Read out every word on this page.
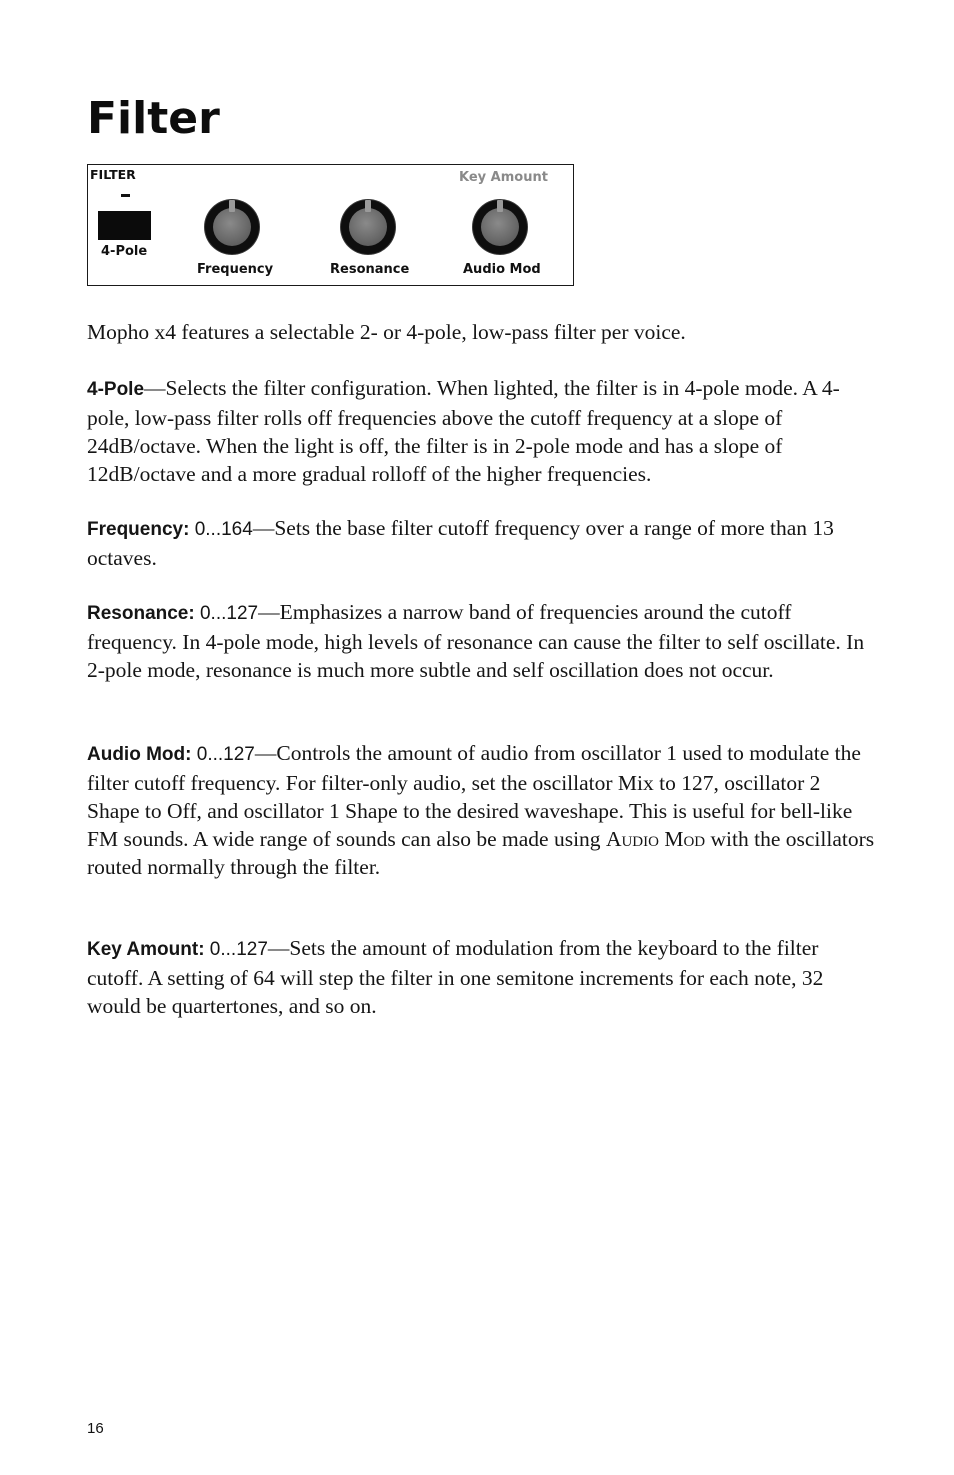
Filter
FILTER
4-Pole
Frequency	Resonance
Key Amount
Audio Mod

Mopho x4 features a selectable 2- or 4-pole, low-pass filter per voice.

4-Pole—Selects the filter configuration. When lighted, the filter is in 4-pole mode. A 4-pole, low-pass filter rolls off frequencies above the cutoff frequency at a slope of 24dB/octave. When the light is off, the filter is in 2-pole mode and has a slope of 12dB/octave and a more gradual rolloff of the higher frequencies.

Frequency: 0...164—Sets the base filter cutoff frequency over a range of more than 13 octaves.

Resonance: 0...127—Emphasizes a narrow band of frequencies around the cutoff frequency. In 4-pole mode, high levels of resonance can cause the filter to self oscillate. In 2-pole mode, resonance is much more subtle and self oscillation does not occur.

Audio Mod: 0...127—Controls the amount of audio from oscillator 1 used to modulate the filter cutoff frequency. For filter-only audio, set the oscillator Mix to 127, oscillator 2 Shape to Off, and oscillator 1 Shape to the desired waveshape. This is useful for bell-like FM sounds. A wide range of sounds can also be made using Audio Mod with the oscillators routed normally through the filter.

Key Amount: 0...127—Sets the amount of modulation from the keyboard to the filter cutoff. A setting of 64 will step the filter in one semitone increments for each note, 32 would be quartertones, and so on.

16
